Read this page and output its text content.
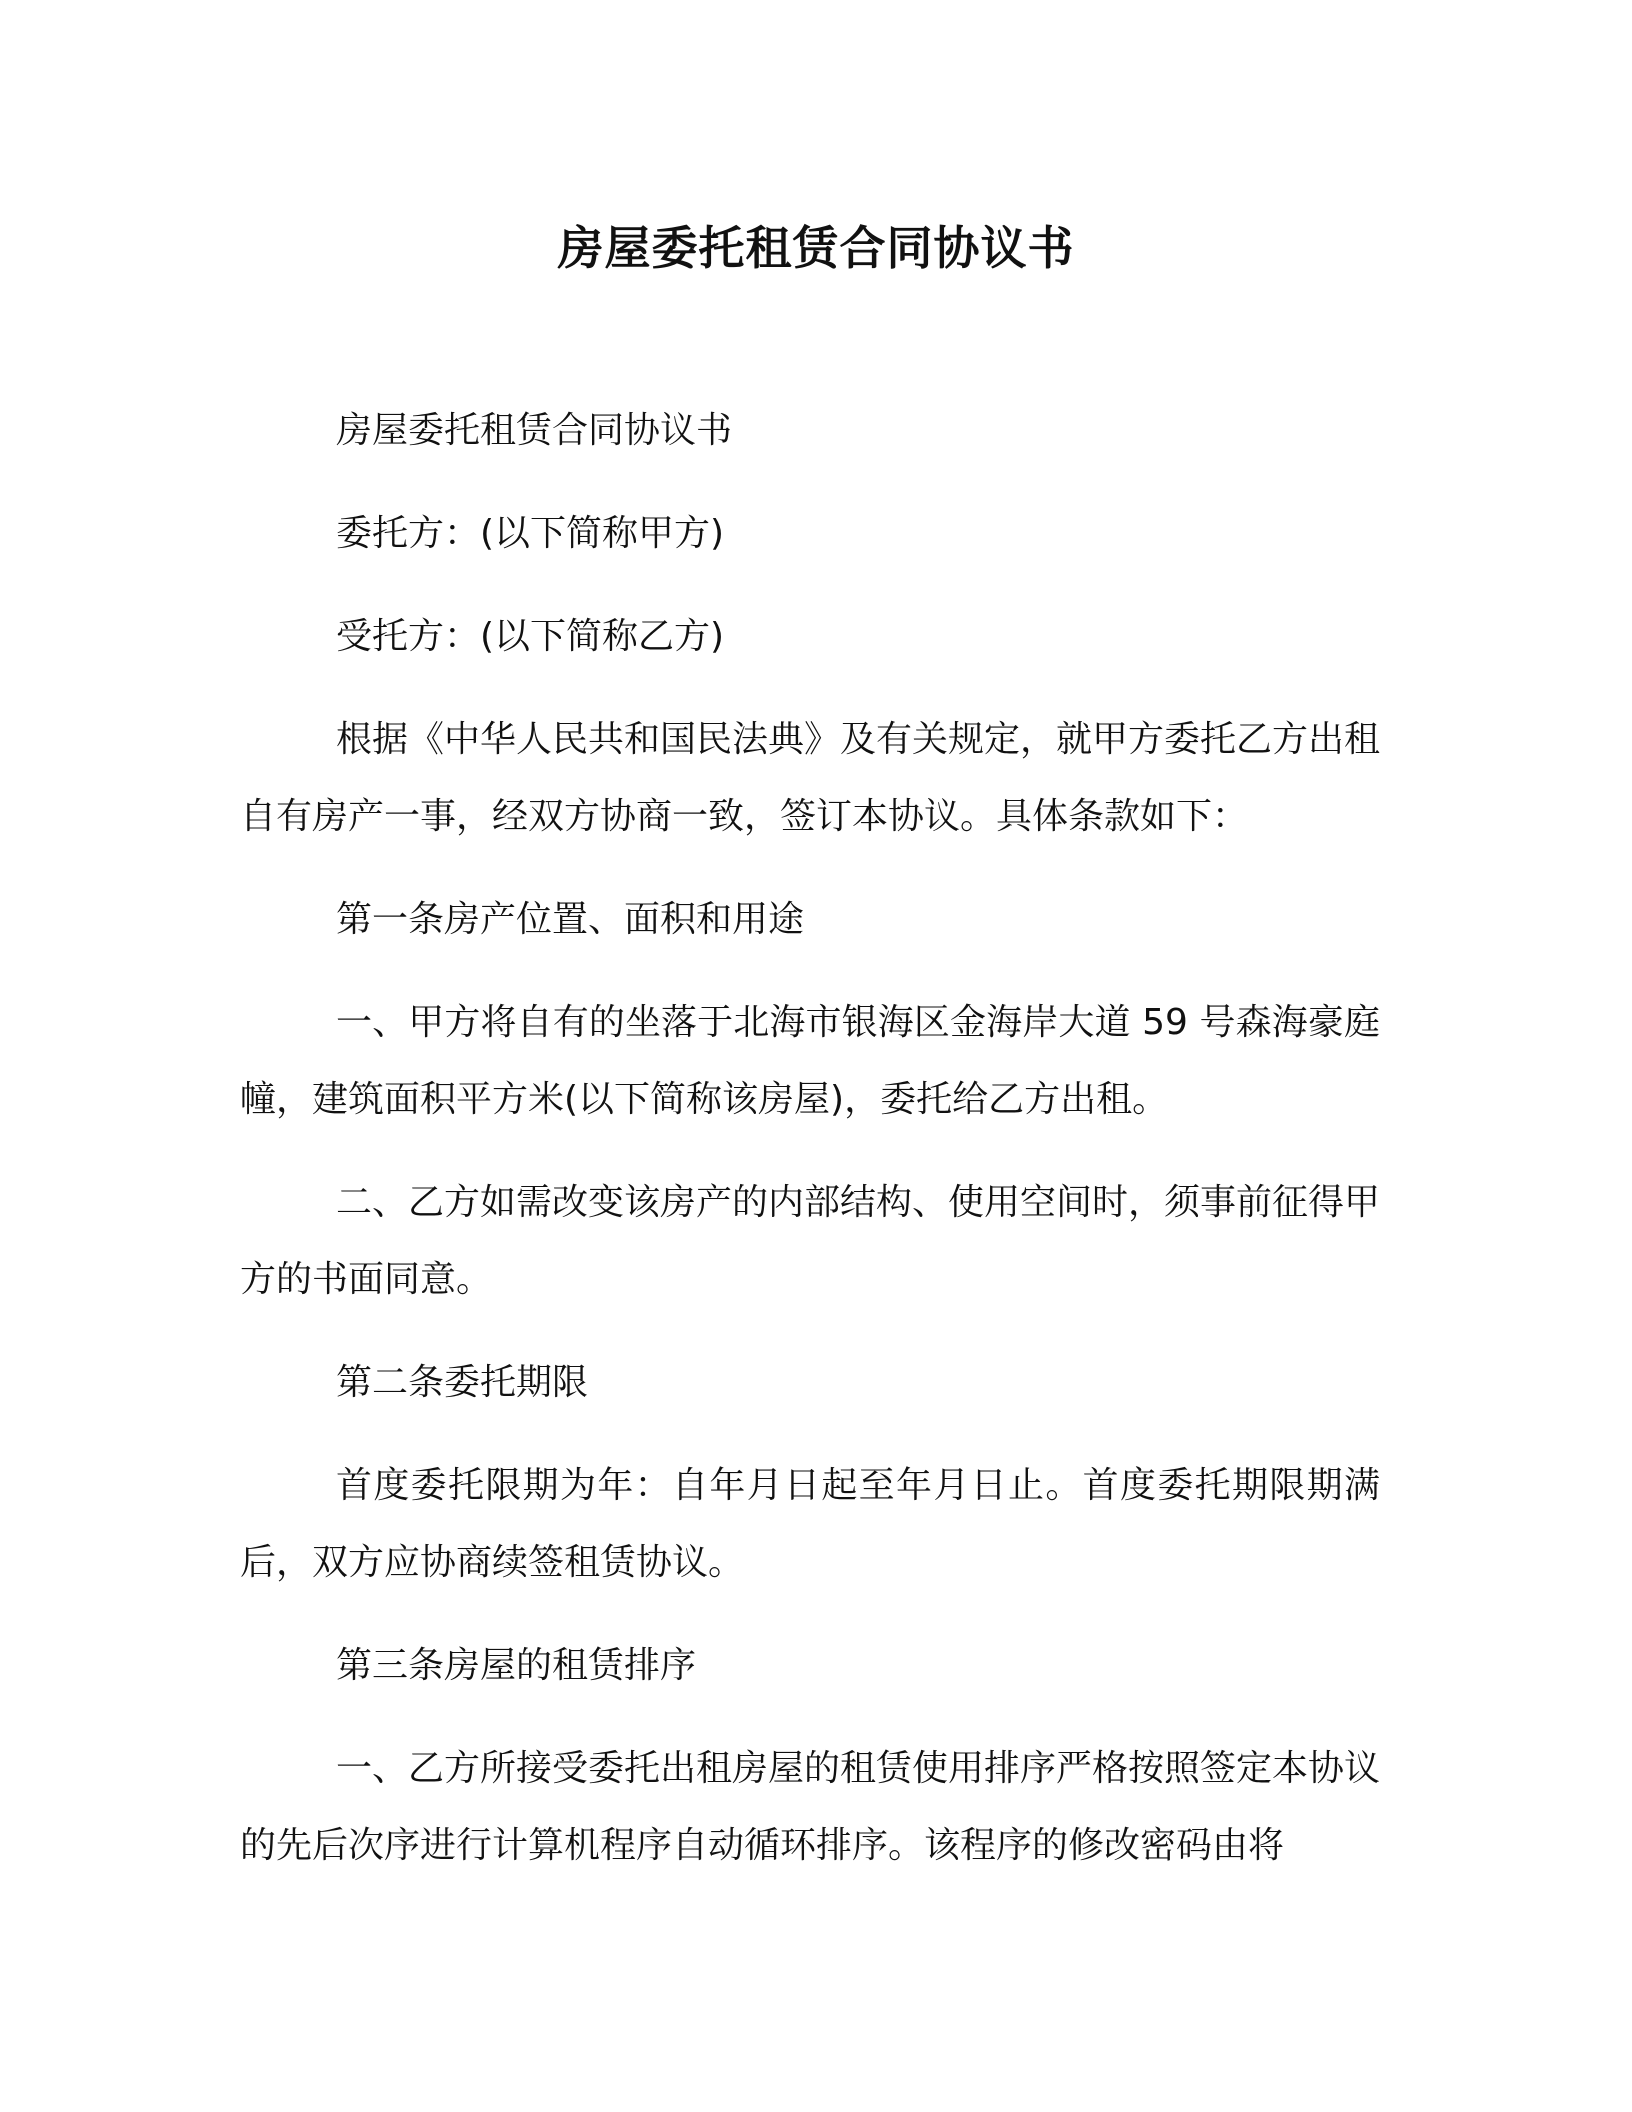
房屋委托租赁合同协议书

房屋委托租赁合同协议书

委托方：(以下简称甲方)

受托方：(以下简称乙方)

根据《中华人民共和国民法典》及有关规定，就甲方委托乙方出租自有房产一事，经双方协商一致，签订本协议。具体条款如下：

第一条房产位置、面积和用途

一、甲方将自有的坐落于北海市银海区金海岸大道 59 号森海豪庭幢，建筑面积平方米(以下简称该房屋)，委托给乙方出租。

二、乙方如需改变该房产的内部结构、使用空间时，须事前征得甲方的书面同意。

第二条委托期限

首度委托限期为年：自年月日起至年月日止。首度委托期限期满后，双方应协商续签租赁协议。

第三条房屋的租赁排序

一、乙方所接受委托出租房屋的租赁使用排序严格按照签定本协议的先后次序进行计算机程序自动循环排序。该程序的修改密码由将
